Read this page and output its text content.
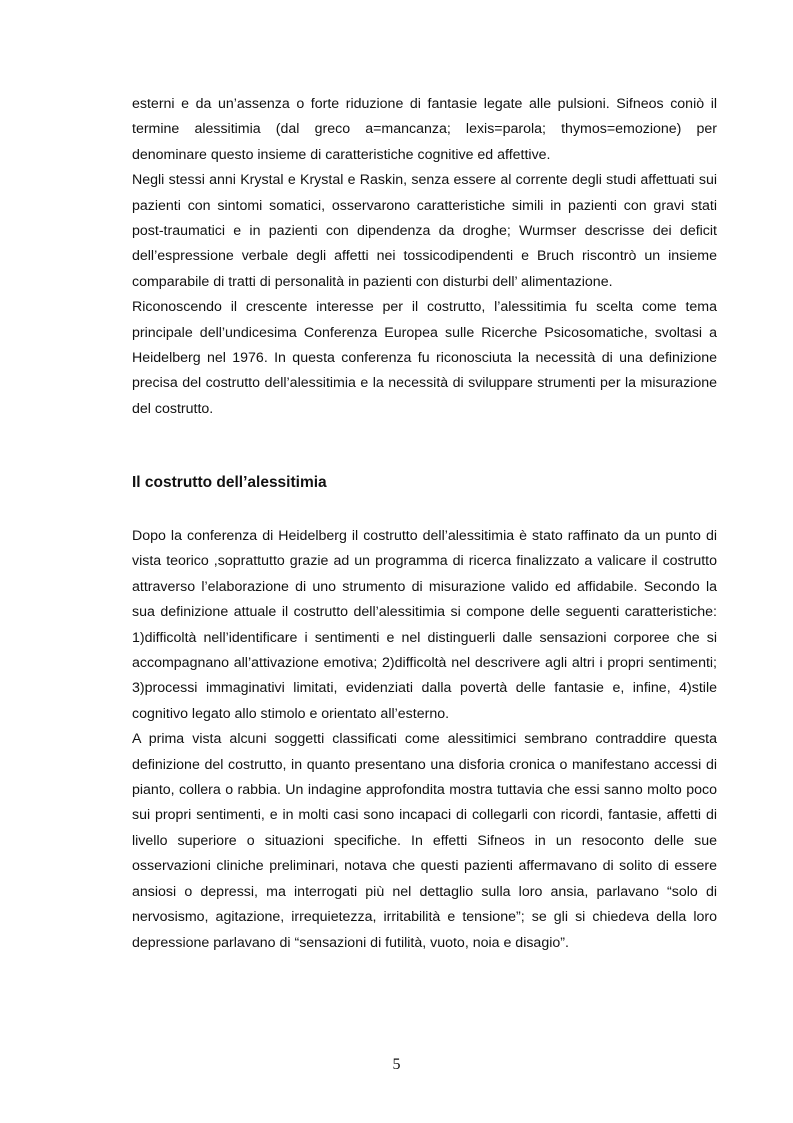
esterni e da un’assenza o forte riduzione di fantasie legate alle pulsioni. Sifneos coniò il termine alessitimia (dal greco a=mancanza; lexis=parola; thymos=emozione) per denominare questo insieme di caratteristiche cognitive ed affettive.

Negli stessi anni Krystal e Krystal e Raskin, senza essere al corrente degli studi affettuati sui pazienti con sintomi somatici, osservarono caratteristiche simili in pazienti con gravi stati post-traumatici e in pazienti con dipendenza da droghe; Wurmser descrisse dei deficit dell’espressione verbale degli affetti nei tossicodipendenti e Bruch riscontrò un insieme comparabile di tratti di personalità in pazienti con disturbi dell’ alimentazione.

Riconoscendo il crescente interesse per il costrutto, l’alessitimia fu scelta come tema principale dell’undicesima Conferenza Europea sulle Ricerche Psicosomatiche, svoltasi a Heidelberg nel 1976. In questa conferenza fu riconosciuta la necessità di una definizione precisa del costrutto dell’alessitimia e la necessità di sviluppare strumenti per la misurazione del costrutto.

Il costrutto dell’alessitimia

Dopo la conferenza di Heidelberg il costrutto dell’alessitimia è stato raffinato da un punto di vista teorico ,soprattutto grazie ad un programma di ricerca finalizzato a valicare il costrutto attraverso l’elaborazione di uno strumento di misurazione valido ed affidabile. Secondo la sua definizione attuale il costrutto dell’alessitimia si compone delle seguenti caratteristiche: 1)difficoltà nell’identificare i sentimenti e nel distinguerli dalle sensazioni corporee che si accompagnano all’attivazione emotiva; 2)difficoltà nel descrivere agli altri i propri sentimenti; 3)processi immaginativi limitati, evidenziati dalla povertà delle fantasie e, infine, 4)stile cognitivo legato allo stimolo e orientato all’esterno.

A prima vista alcuni soggetti classificati come alessitimici sembrano contraddire questa definizione del costrutto, in quanto presentano una disforia cronica o manifestano accessi di pianto, collera o rabbia. Un indagine approfondita mostra tuttavia che essi sanno molto poco sui propri sentimenti, e in molti casi sono incapaci di collegarli con ricordi, fantasie, affetti di livello superiore o situazioni specifiche. In effetti Sifneos in un resoconto delle sue osservazioni cliniche preliminari, notava che questi pazienti affermavano di solito di essere ansiosi o depressi, ma interrogati più nel dettaglio sulla loro ansia, parlavano “solo di nervosismo, agitazione, irrequietezza, irritabilità e tensione”; se gli si chiedeva della loro depressione parlavano di “sensazioni di futilità, vuoto, noia e disagio”.

5
